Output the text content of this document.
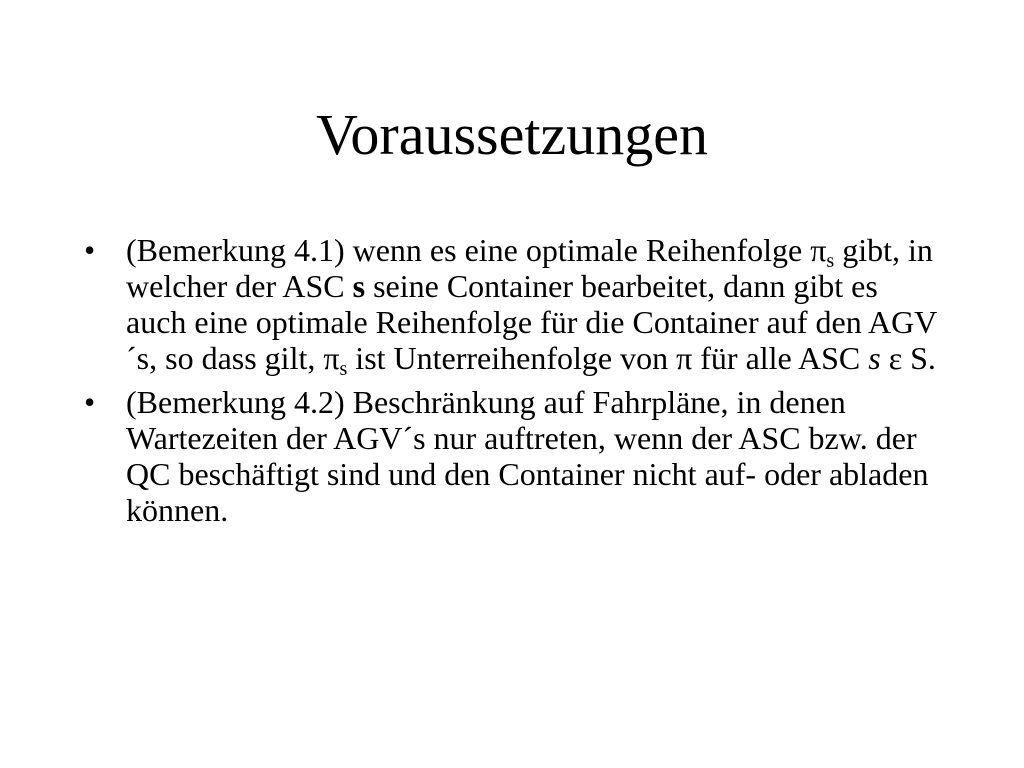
Voraussetzungen
• (Bemerkung 4.1) wenn es eine optimale Reihenfolge $\pi_s$ gibt, in welcher der ASC s seine Container bearbeitet, dann gibt es auch eine optimale Reihenfolge für die Container auf den AGV´s, so dass gilt, $\pi_s$ ist Unterreihenfolge von π für alle ASC s ε S.
• (Bemerkung 4.2) Beschränkung auf Fahrpläne, in denen Wartezeiten der AGV´s nur auftreten, wenn der ASC bzw. der QC beschäftigt sind und den Container nicht auf- oder abladen können.
